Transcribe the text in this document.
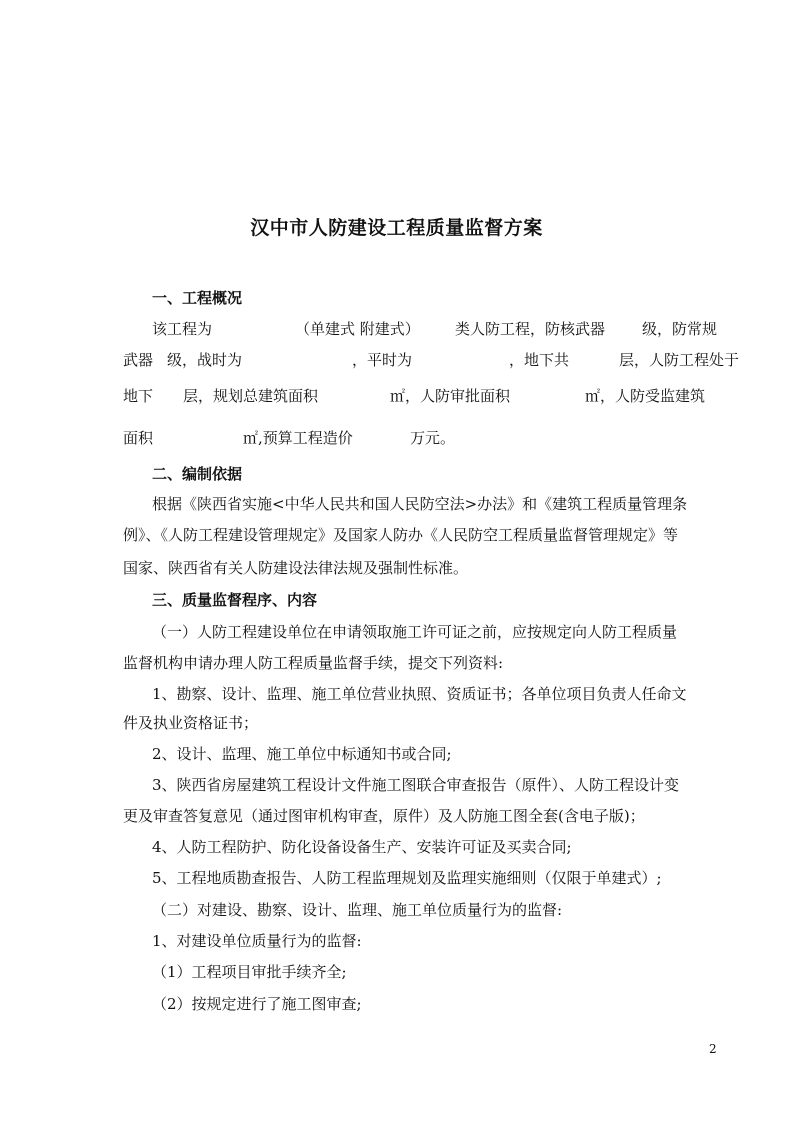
汉中市人防建设工程质量监督方案
一、工程概况
该工程为	（单建式 附建式） 类人防工程，防核武器 级，防常规
武器 级，战时为	，平时为	，地下共	层，人防工程处于
地下 层，规划总建筑面积	㎡，人防审批面积	㎡，人防受监建筑
面积	㎡,预算工程造价	万元。
二、编制依据
根据《陕西省实施<中华人民共和国人民防空法>办法》和《建筑工程质量管理条
例》、《人防工程建设管理规定》及国家人防办《人民防空工程质量监督管理规定》等
国家、陕西省有关人防建设法律法规及强制性标准。
三、质量监督程序、内容
（一）人防工程建设单位在申请领取施工许可证之前，应按规定向人防工程质量
监督机构申请办理人防工程质量监督手续，提交下列资料:
1、勘察、设计、监理、施工单位营业执照、资质证书；各单位项目负责人任命文
件及执业资格证书；
2、设计、监理、施工单位中标通知书或合同;
3、陕西省房屋建筑工程设计文件施工图联合审查报告（原件）、人防工程设计变
更及审查答复意见（通过图审机构审查，原件）及人防施工图全套(含电子版)；
4、人防工程防护、防化设备设备生产、安装许可证及买卖合同;
5、工程地质勘查报告、人防工程监理规划及监理实施细则（仅限于单建式）;
（二）对建设、勘察、设计、监理、施工单位质量行为的监督:
1、对建设单位质量行为的监督:
（1）工程项目审批手续齐全;
（2）按规定进行了施工图审查;
2
